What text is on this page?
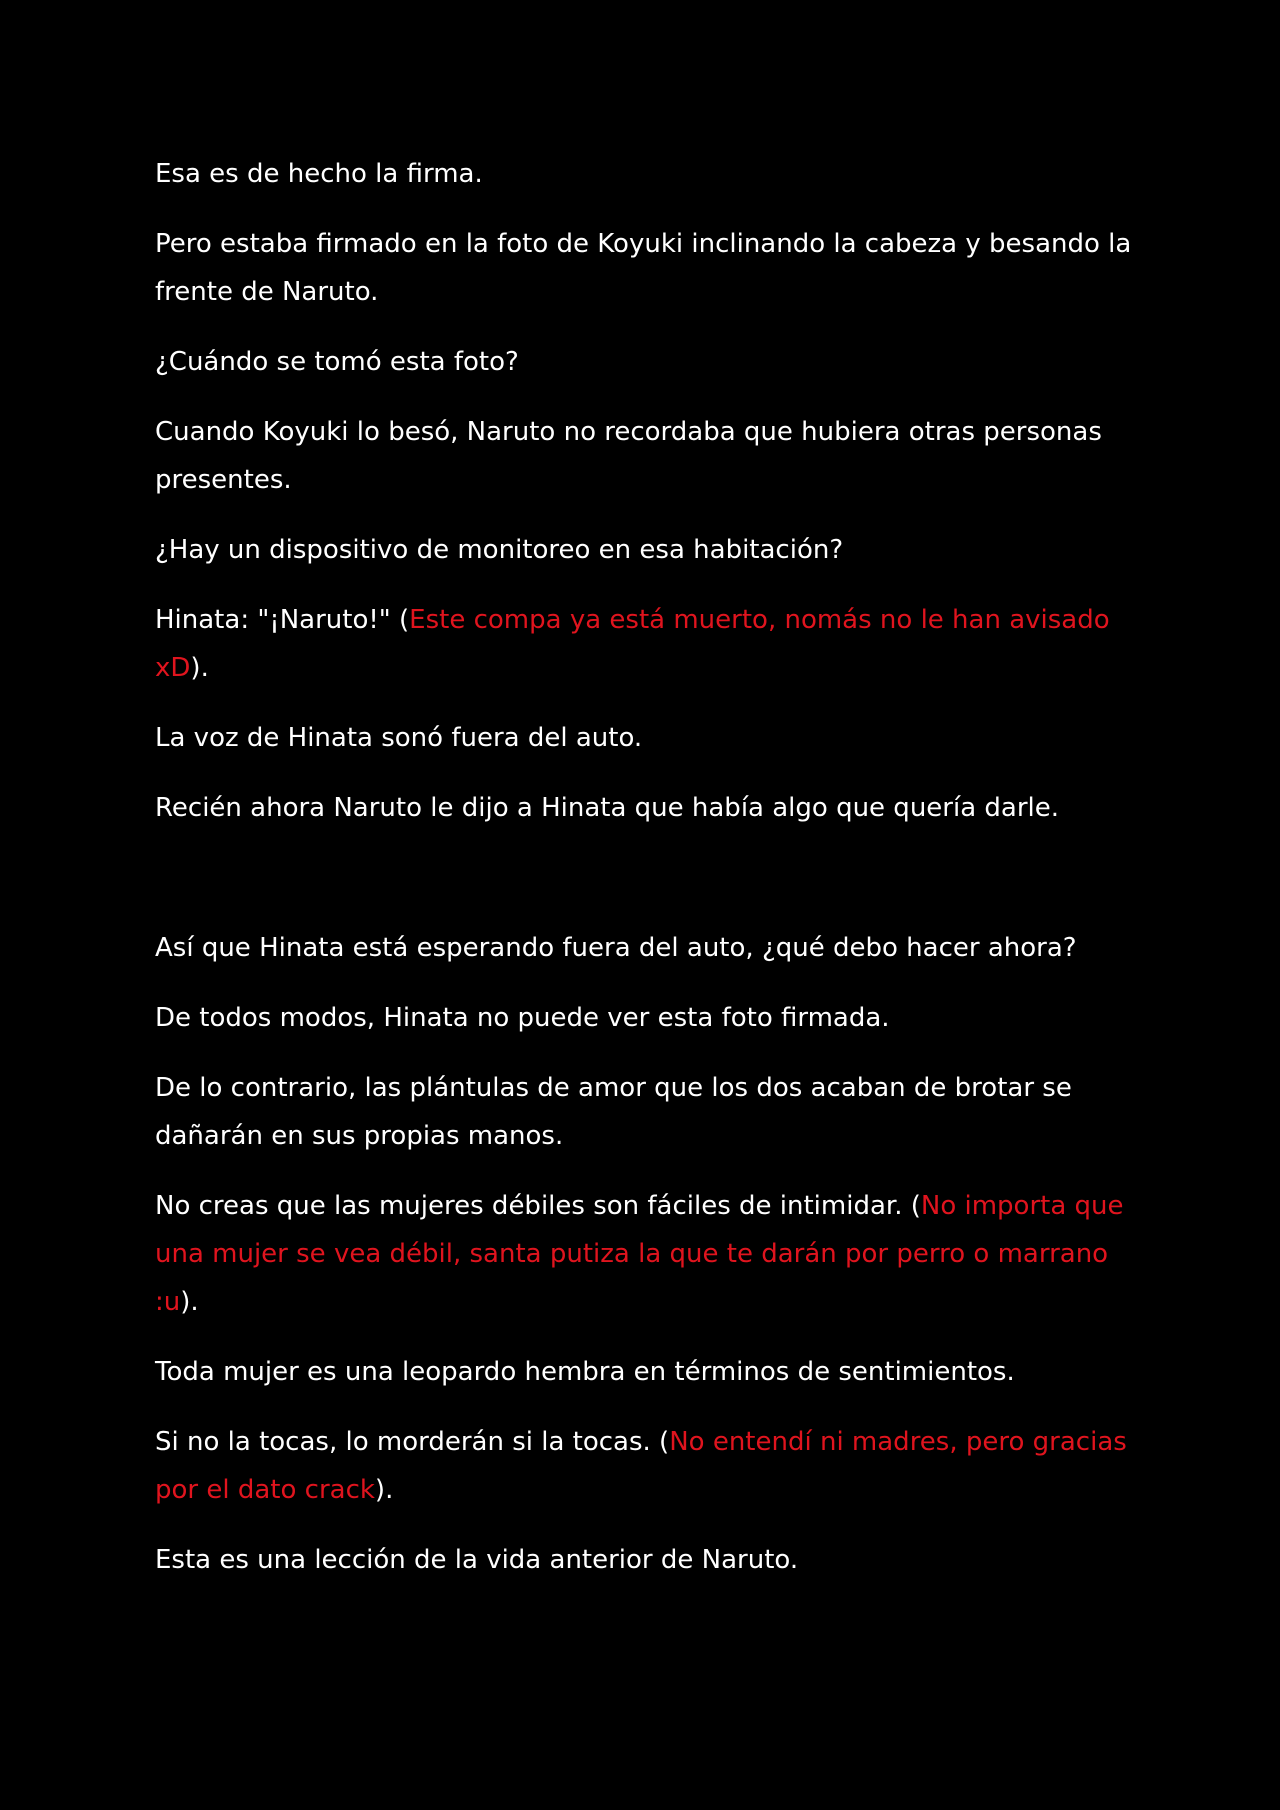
Esa es de hecho la firma.

Pero estaba firmado en la foto de Koyuki inclinando la cabeza y besando la frente de Naruto.

¿Cuándo se tomó esta foto?

Cuando Koyuki lo besó, Naruto no recordaba que hubiera otras personas presentes.

¿Hay un dispositivo de monitoreo en esa habitación?

Hinata: "¡Naruto!" (Este compa ya está muerto, nomás no le han avisado xD).

La voz de Hinata sonó fuera del auto.

Recién ahora Naruto le dijo a Hinata que había algo que quería darle.

Así que Hinata está esperando fuera del auto, ¿qué debo hacer ahora?

De todos modos, Hinata no puede ver esta foto firmada.

De lo contrario, las plántulas de amor que los dos acaban de brotar se dañarán en sus propias manos.

No creas que las mujeres débiles son fáciles de intimidar. (No importa que una mujer se vea débil, santa putiza la que te darán por perro o marrano :u).

Toda mujer es una leopardo hembra en términos de sentimientos.

Si no la tocas, lo morderán si la tocas. (No entendí ni madres, pero gracias por el dato crack).

Esta es una lección de la vida anterior de Naruto.
